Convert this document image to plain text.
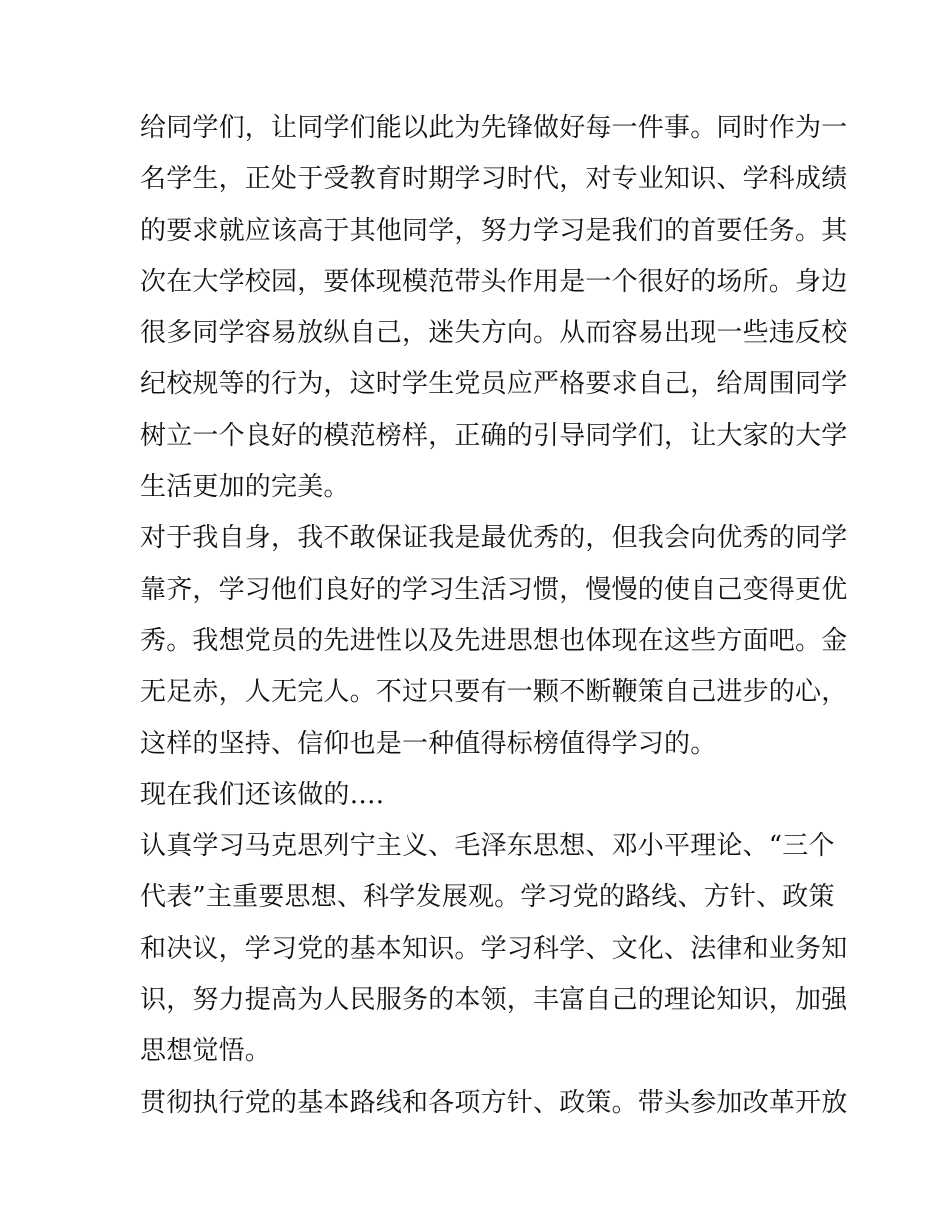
给同学们，让同学们能以此为先锋做好每一件事。同时作为一
名学生，正处于受教育时期学习时代，对专业知识、学科成绩
的要求就应该高于其他同学，努力学习是我们的首要任务。其
次在大学校园，要体现模范带头作用是一个很好的场所。身边
很多同学容易放纵自己，迷失方向。从而容易出现一些违反校
纪校规等的行为，这时学生党员应严格要求自己，给周围同学
树立一个良好的模范榜样，正确的引导同学们，让大家的大学
生活更加的完美。
对于我自身，我不敢保证我是最优秀的，但我会向优秀的同学
靠齐，学习他们良好的学习生活习惯，慢慢的使自己变得更优
秀。我想党员的先进性以及先进思想也体现在这些方面吧。金
无足赤，人无完人。不过只要有一颗不断鞭策自己进步的心，
这样的坚持、信仰也是一种值得标榜值得学习的。
现在我们还该做的….
认真学习马克思列宁主义、毛泽东思想、邓小平理论、“三个
代表”主重要思想、科学发展观。学习党的路线、方针、政策
和决议，学习党的基本知识。学习科学、文化、法律和业务知
识，努力提高为人民服务的本领，丰富自己的理论知识，加强
思想觉悟。
贯彻执行党的基本路线和各项方针、政策。带头参加改革开放
